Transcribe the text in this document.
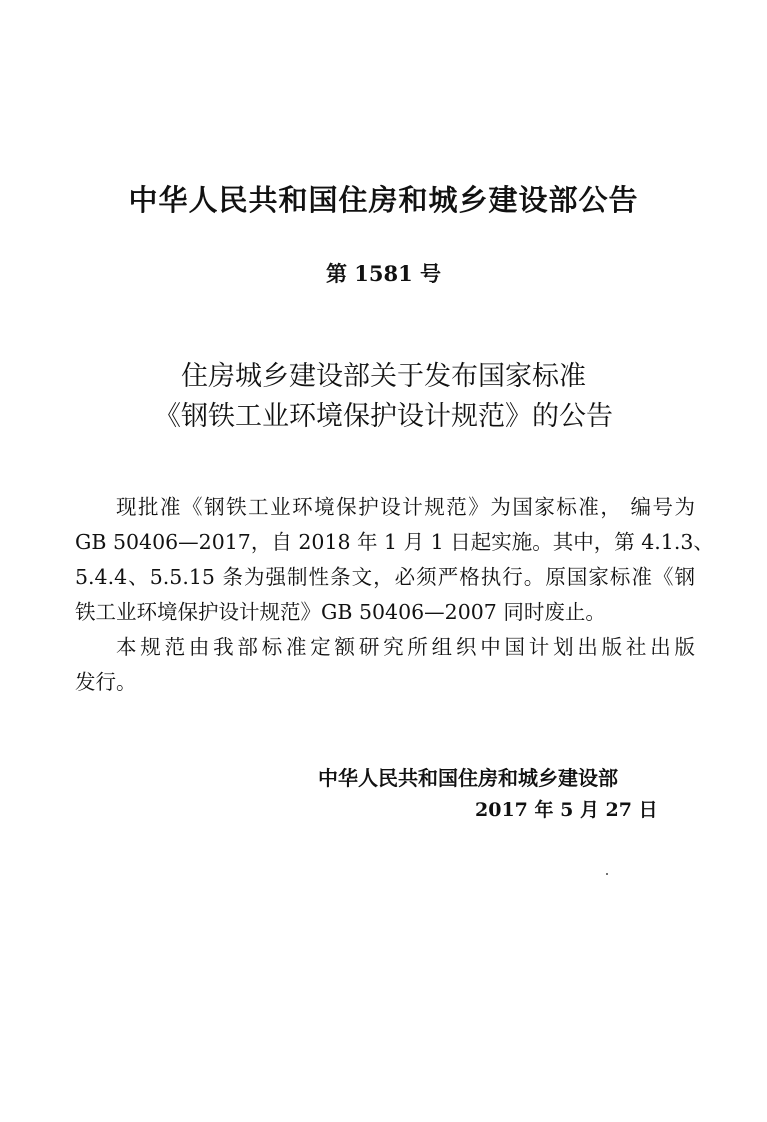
中华人民共和国住房和城乡建设部公告
第 1581 号
住房城乡建设部关于发布国家标准
《钢铁工业环境保护设计规范》的公告
现批准《钢铁工业环境保护设计规范》为国家标准， 编号为
GB 50406—2017，自 2018 年 1 月 1 日起实施。其中，第 4.1.3、
5.4.4、5.5.15 条为强制性条文，必须严格执行。原国家标准《钢
铁工业环境保护设计规范》GB 50406—2007 同时废止。
本规范由我部标准定额研究所组织中国计划出版社出版
发行。
中华人民共和国住房和城乡建设部
2017 年 5 月 27 日
